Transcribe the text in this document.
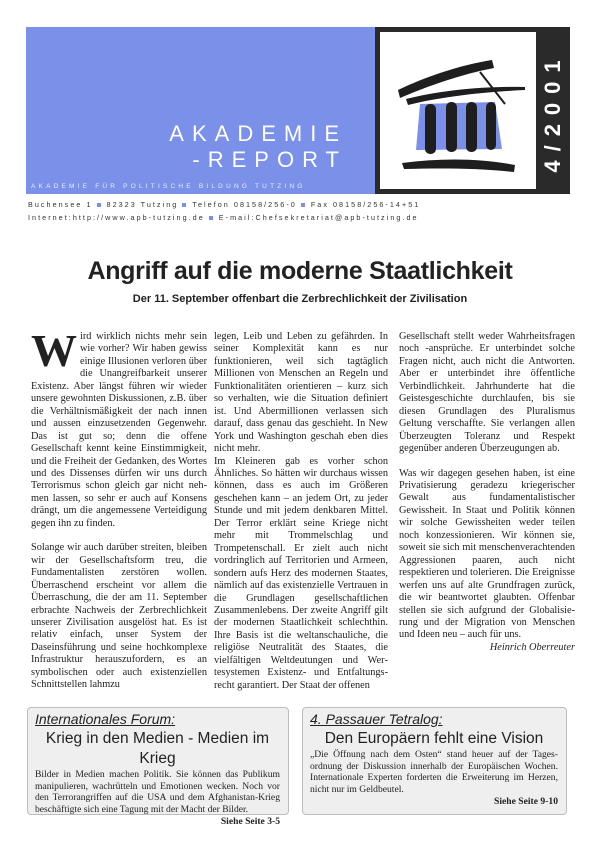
AKADEMIE
-REPORT
AKADEMIE FÜR POLITISCHE BILDUNG TUTZING
4/2001
Buchensee 1 82323 Tutzing Telefon 08158/256-0 Fax 08158/256-14+51
Internet:http://www.apb-tutzing.de E-mail:Chefsekretariat@apb-tutzing.de
Angriff auf die moderne Staatlichkeit
Der 11. September offenbart die Zerbrechlichkeit der Zivilisation

Wird wirklich nichts mehr sein wie vorher? Wir haben gewiss einige Illusionen verloren über die Unangreifbarkeit unserer Existenz. Aber längst führen wir wieder unsere gewohnten Diskussionen, z.B. über die Verhältnismäßigkeit der nach innen und aussen einzusetzenden Gegenwehr. Das ist gut so; denn die offene Gesellschaft kennt keine Einstimmigkeit, und die Freiheit der Gedanken, des Wortes und des Dissenses dürfen wir uns durch Terrorismus schon gleich gar nicht nehmen lassen, so sehr er auch auf Konsens drängt, um die angemessene Verteidigung gegen ihn zu finden.

Solange wir auch darüber streiten, bleiben wir der Gesellschaftsform treu, die Fundamentalisten zerstören wollen. Überraschend erscheint vor allem die Überraschung, die der am 11. September erbrachte Nachweis der Zerbrechlichkeit unserer Zivilisation ausgelöst hat. Es ist relativ einfach, unser System der Daseinsführung und seine hochkomplexe Infrastruktur herauszufordern, es an symbolischen oder auch existenziellen Schnittstellen lahmzu

legen, Leib und Leben zu gefährden. In seiner Komplexität kann es nur funktionieren, weil sich tagtäglich Millionen von Menschen an Regeln und Funktionalitäten orientieren – kurz sich so verhalten, wie die Situation definiert ist. Und Abermillionen verlassen sich darauf, dass genau das geschieht. In New York und Washington geschah eben dies nicht mehr.

Im Kleineren gab es vorher schon Ähnliches. So hätten wir durchaus wissen können, dass es auch im Größeren geschehen kann – an jedem Ort, zu jeder Stunde und mit jedem denkbaren Mittel. Der Terror erklärt seine Kriege nicht mehr mit Trommelschlag und Trompetenschall. Er zielt auch nicht vordringlich auf Territorien und Armeen, sondern aufs Herz des modernen Staates, nämlich auf das existenzielle Vertrauen in die Grundlagen gesellschaftlichen Zusammenlebens. Der zweite Angriff gilt der modernen Staatlichkeit schlechthin. Ihre Basis ist die weltanschauliche, die religiöse Neutralität des Staates, die vielfältigen Weltdeutungen und Wertesystemen Existenz- und Entfaltungsrecht garantiert. Der Staat der offenen

Gesellschaft stellt weder Wahrheitsfragen noch -ansprüche. Er unterbindet solche Fragen nicht, auch nicht die Antworten. Aber er unterbindet ihre öffentliche Verbindlichkeit. Jahrhunderte hat die Geistesgeschichte durchlaufen, bis sie diesen Grundlagen des Pluralismus Geltung verschaffte. Sie verlangen allen Überzeugten Toleranz und Respekt gegenüber anderen Überzeugungen ab.

Was wir dagegen gesehen haben, ist eine Privatisierung geradezu kriegerischer Gewalt aus fundamentalistischer Gewissheit. In Staat und Politik können wir solche Gewissheiten weder teilen noch konzessionieren. Wir können sie, soweit sie sich mit menschenverachtenden Aggressionen paaren, auch nicht respektieren und tolerieren. Die Ereignisse werfen uns auf alte Grundfragen zurück, die wir beantwortet glaubten. Offenbar stellen sie sich aufgrund der Globalisierung und der Migration von Menschen und Ideen neu – auch für uns.

Heinrich Oberreuter

Internationales Forum:
Krieg in den Medien - Medien im Krieg
Bilder in Medien machen Politik. Sie können das Publikum manipulieren, wachrütteln und Emotionen wecken. Noch vor den Terrorangriffen auf die USA und dem Afghanistan-Krieg beschäftigte sich eine Tagung mit der Macht der Bilder.
Siehe Seite 3-5
4. Passauer Tetralog:
Den Europäern fehlt eine Vision
„Die Öffnung nach dem Osten“ stand heuer auf der Tagesordnung der Diskussion innerhalb der Europäischen Wochen. Internationale Experten forderten die Erweiterung im Herzen, nicht nur im Geldbeutel.
Siehe Seite 9-10
